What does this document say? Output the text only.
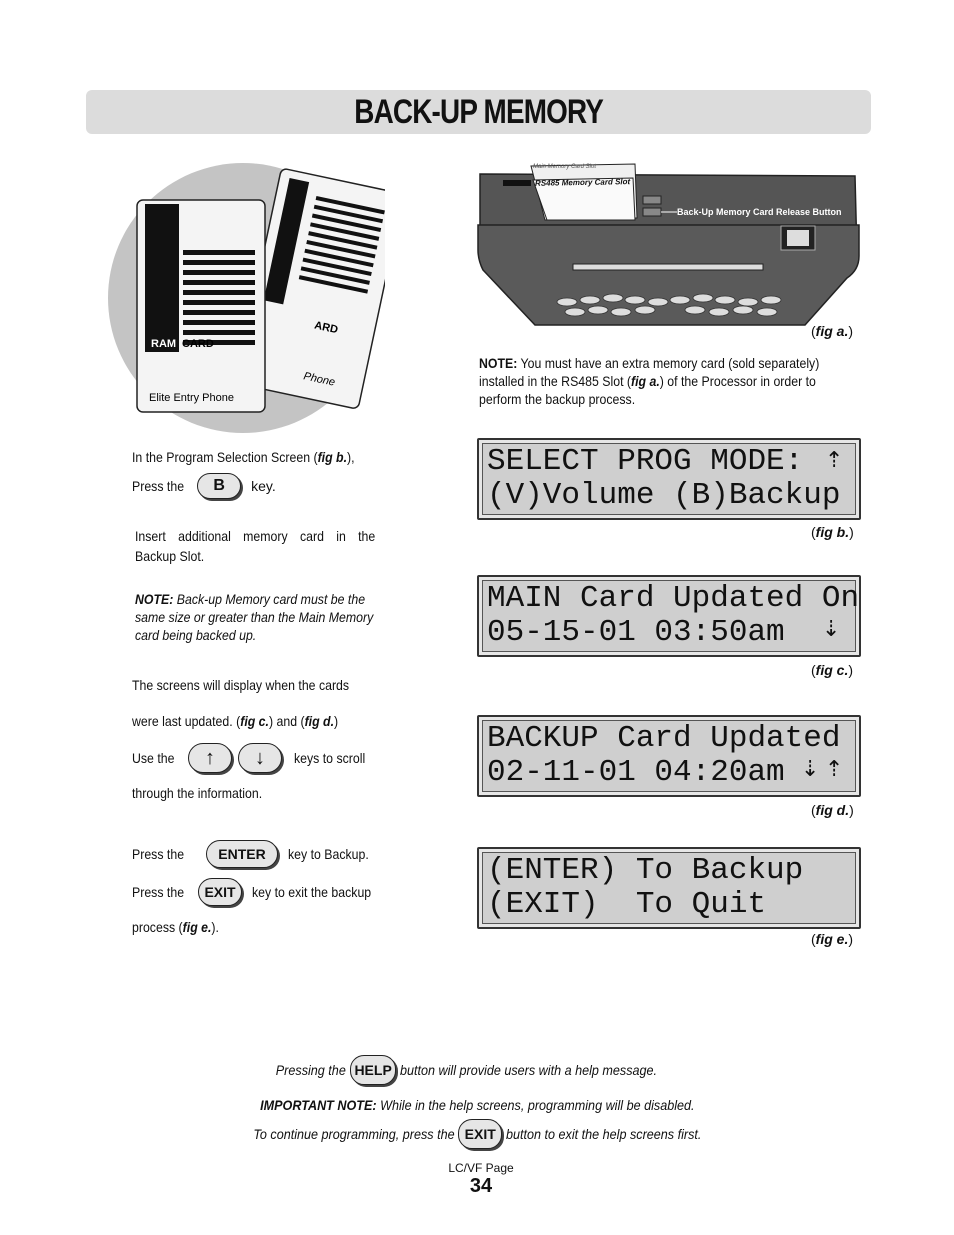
BACK-UP MEMORY
ARD
Phone
RAM CARD
Elite Entry Phone
Main Memory Card Slot
RS485 Memory Card Slot
Back-Up Memory Card Release Button
(fig a.)
NOTE: You must have an extra memory card (sold separately) installed in the RS485 Slot (fig a.) of the Processor in order to perform the backup process.
In the Program Selection Screen (fig b.),
Press the	B	key.
Insert additional memory card in the Backup Slot.
NOTE: Back-up Memory card must be the same size or greater than the Main Memory card being backed up.
The screens will display when the cards
were last updated. (fig c.) and (fig d.)
Use the	↑ ↓ keys to scroll
through the information.
Press the	ENTER	key to Backup.
Press the	EXIT	key to exit the backup
process (fig e.).
SELECT PROG MODE:
(V)Volume (B)Backup
⇡
(fig b.)
MAIN Card Updated On
05-15-01 03:50am ⇣
(fig c.)
BACKUP Card Updated
02-11-01 04:20am ⇣ ⇡
(fig d.)
(ENTER) To Backup
(EXIT)  To Quit
(fig e.)
Pressing the HELP button will provide users with a help message.
IMPORTANT NOTE: While in the help screens, programming will be disabled.
To continue programming, press the EXIT button to exit the help screens first.
LC/VF Page
34
